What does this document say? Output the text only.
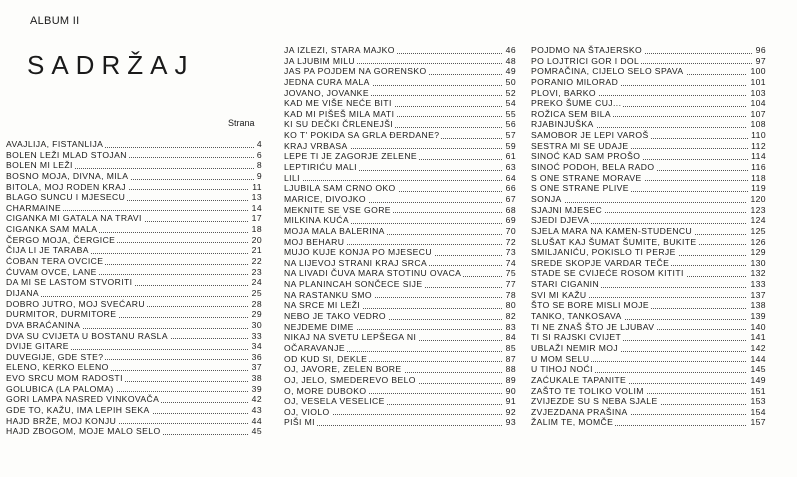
ALBUM II
SADRŽAJ
Strana
AVAJLIJA, FISTANLIJA	4
BOLEN LEŽI MLAD STOJAN	6
BOLEN MI LEŽI	8
BOSNO MOJA, DIVNA, MILA	9
BITOLA, MOJ RODEN KRAJ	11
BLAGO SUNCU I MJESECU	13
CHARMAINE	14
CIGANKA MI GATALA NA TRAVI	17
CIGANKA SAM MALA	18
ČERGO MOJA, ČERGICE	20
ČIJA LI JE TARABA	21
ĆOBAN TERA OVCICE	22
ĆUVAM OVCE, LANE	23
DA MI SE LASTOM STVORITI	24
DIJANA	25
DOBRO JUTRO, MOJ SVEĆARU	28
DURMITOR, DURMITORE	29
DVA BRAĆANINA	30
DVA SU CVIJETA U BOSTANU RASLA	33
DVIJE GITARE	34
DUVEGIJE, GDE STE?	36
ELENO, KERKO ELENO	37
EVO SRCU MOM RADOSTI	38
GOLUBICA (LA PALOMA)	39
GORI LAMPA NASRED VINKOVAČA	42
GDE TO, KAŽU, IMA LEPIH SEKA	43
HAJD BRŽE, MOJ KONJU	44
HAJD ZBOGOM, MOJE MALO SELO	45
JA IZLEZI, STARA MAJKO	46
JA LJUBIM MILU	48
JAS PA POJDEM NA GORENSKO	49
JEDNA CURA MALA	50
JOVANO, JOVANKE	52
KAD ME VIŠE NEĆE BITI	54
KAD MI PIŠEŠ MILA MATI	55
KI SU DEČKI ČRLENEJŠI	56
KO T' POKIDA SA GRLA ĐERDANE?	57
KRAJ VRBASA	59
LEPE TI JE ZAGORJE ZELENE	61
LEPTIRIĆU MALI	63
LILI	64
LJUBILA SAM CRNO OKO	66
MARICE, DIVOJKO	67
MEKNITE SE VSE GORE	68
MILKINA KUĆA	69
MOJA MALA BALERINA	70
MOJ BEHARU	72
MUJO KUJE KONJA PO MJESECU	73
NA LIJEVOJ STRANI KRAJ SRCA	74
NA LIVADI ČUVA MARA STOTINU OVACA	75
NA PLANINCAH SONČECE SIJE	77
NA RASTANKU SMO	78
NA SRCE MI LEŽI	80
NEBO JE TAKO VEDRO	82
NEJDEME DIME	83
NIKAJ NA SVETU LEPŠEGA NI	84
OČARAVANJE	85
OD KUD SI, DEKLE	87
OJ, JAVORE, ZELEN BORE	88
OJ, JELO, SMEDEREVO BELO	89
O, MORE DUBOKO	90
OJ, VESELA VESELICE	91
OJ, VIOLO	92
PIŠI MI	93
POJDMO NA ŠTAJERSKO	96
PO LOJTRICI GOR I DOL	97
POMRAČINA, CIJELO SELO SPAVA	100
PORANIO MILORAD	101
PLOVI, BARKO	103
PREKO ŠUME CUJ...	104
ROŽICA SEM BILA	107
RJABINJUŠKA	108
SAMOBOR JE LEPI VAROŠ	110
SESTRA MI SE UDAJE	112
SINOĆ KAD SAM PROŠO	114
SINOĆ PODOH, BELA RADO	116
S ONE STRANE MORAVE	118
S ONE STRANE PLIVE	119
SONJA	120
SJAJNI MJESEC	123
SJEDI DJEVA	124
SJELA MARA NA KAMEN-STUDENCU	125
SLUŠAT KAJ ŠUMAT ŠUMITE, BUKITE	126
SMILJANIĆU, POKISLO TI PERJE	129
SREDE SKOPJE VARDAR TEČE	130
STADE SE CVIJEĆE ROSOM KITITI	132
STARI CIGANIN	133
SVI MI KAŽU	137
ŠTO SE BORE MISLI MOJE	138
TANKO, TANKOSAVA	139
TI NE ZNAŠ ŠTO JE LJUBAV	140
TI SI RAJSKI CVIJET	141
UBLAŽI NEMIR MOJ	142
U MOM SELU	144
U TIHOJ NOĆI	145
ZAĆUKALE TAPANITE	149
ZAŠTO TE TOLIKO VOLIM	151
ZVIJEZDE SU S NEBA SJALE	153
ZVJEZDANA PRAŠINA	154
ŽALIM TE, MOMČE	157
